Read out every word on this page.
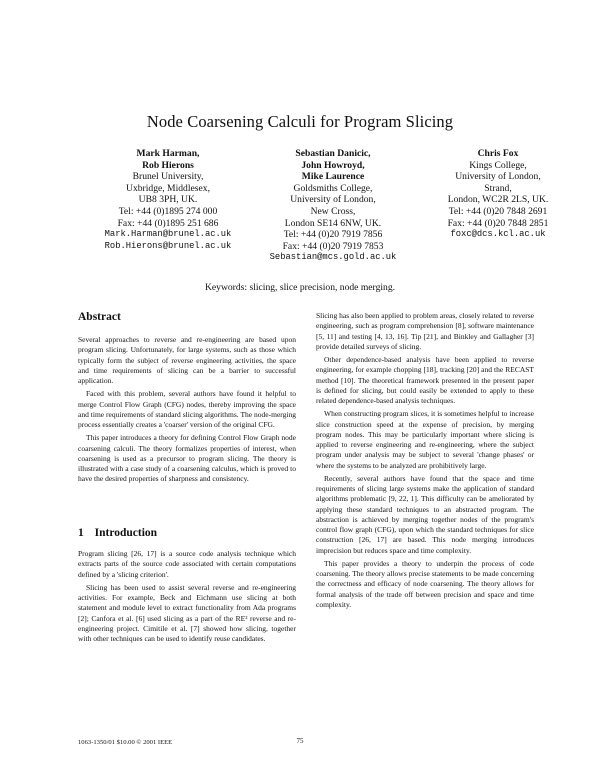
Node Coarsening Calculi for Program Slicing
Mark Harman,
Rob Hierons
Brunel University,
Uxbridge, Middlesex,
UB8 3PH, UK.
Tel: +44 (0)1895 274 000
Fax: +44 (0)1895 251 686
Mark.Harman@brunel.ac.uk
Rob.Hierons@brunel.ac.uk
Sebastian Danicic,
John Howroyd,
Mike Laurence
Goldsmiths College,
University of London,
New Cross,
London SE14 6NW, UK.
Tel: +44 (0)20 7919 7856
Fax: +44 (0)20 7919 7853
Sebastian@mcs.gold.ac.uk
Chris Fox
Kings College,
University of London,
Strand,
London, WC2R 2LS, UK.
Tel: +44 (0)20 7848 2691
Fax: +44 (0)20 7848 2851
foxc@dcs.kcl.ac.uk
Keywords: slicing, slice precision, node merging.
Abstract

Several approaches to reverse and re-engineering are based upon program slicing. Unfortunately, for large systems, such as those which typically form the subject of reverse engineering activities, the space and time requirements of slicing can be a barrier to successful application.

Faced with this problem, several authors have found it helpful to merge Control Flow Graph (CFG) nodes, thereby improving the space and time requirements of standard slicing algorithms. The node-merging process essentially creates a 'coarser' version of the original CFG.

This paper introduces a theory for defining Control Flow Graph node coarsening calculi. The theory formalizes properties of interest, when coarsening is used as a precursor to program slicing. The theory is illustrated with a case study of a coarsening calculus, which is proved to have the desired properties of sharpness and consistency.

1 Introduction

Program slicing [26, 17] is a source code analysis technique which extracts parts of the source code associated with certain computations defined by a 'slicing criterion'.

Slicing has been used to assist several reverse and re-engineering activities. For example, Beck and Eichmann use slicing at both statement and module level to extract functionality from Ada programs [2]; Canfora et al. [6] used slicing as a part of the RE² reverse and re-engineering project. Cimitile et al. [7] showed how slicing, together with other techniques can be used to identify reuse candidates.

Slicing has also been applied to problem areas, closely related to reverse engineering, such as program comprehension [8], software maintenance [5, 11] and testing [4, 13, 16]. Tip [21], and Binkley and Gallagher [3] provide detailed surveys of slicing.

Other dependence-based analysis have been applied to reverse engineering, for example chopping [18], tracking [20] and the RECAST method [10]. The theoretical framework presented in the present paper is defined for slicing, but could easily be extended to apply to these related dependence-based analysis techniques.

When constructing program slices, it is sometimes helpful to increase slice construction speed at the expense of precision, by merging program nodes. This may be particularly important where slicing is applied to reverse engineering and re-engineering, where the subject program under analysis may be subject to several 'change phases' or where the systems to be analyzed are prohibitively large.

Recently, several authors have found that the space and time requirements of slicing large systems make the application of standard algorithms problematic [9, 22, 1]. This difficulty can be ameliorated by applying these standard techniques to an abstracted program. The abstraction is achieved by merging together nodes of the program's control flow graph (CFG), upon which the standard techniques for slice construction [26, 17] are based. This node merging introduces imprecision but reduces space and time complexity.

This paper provides a theory to underpin the process of code coarsening. The theory allows precise statements to be made concerning the correctness and efficacy of node coarsening. The theory allows for formal analysis of the trade off between precision and space and time complexity.

1063-1350/01 $10.00 © 2001 IEEE	75
